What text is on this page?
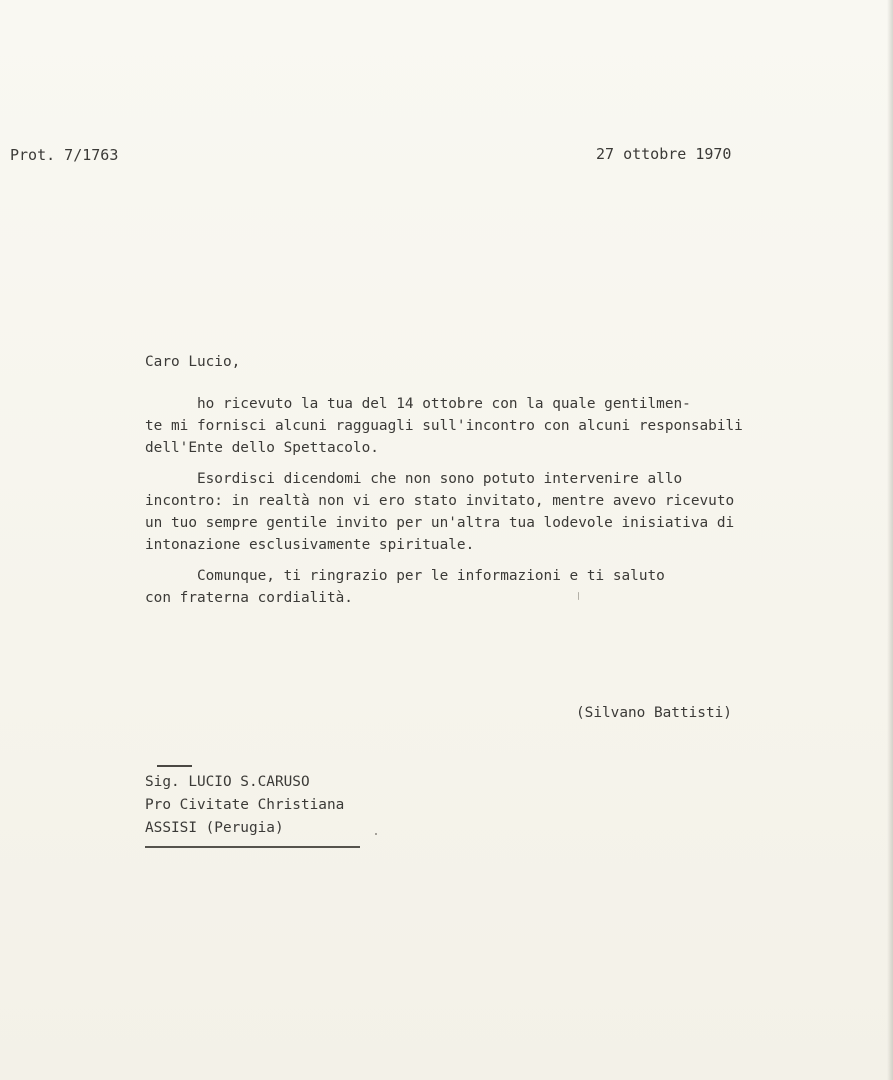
Prot. 7/1763	27 ottobre 1970
Caro Lucio,
ho ricevuto la tua del 14 ottobre con la quale gentilmen-
te mi fornisci alcuni ragguagli sull'incontro con alcuni responsabili
dell'Ente dello Spettacolo.
Esordisci dicendomi che non sono potuto intervenire allo
incontro: in realtà non vi ero stato invitato, mentre avevo ricevuto
un tuo sempre gentile invito per un'altra tua lodevole inisiativa di
intonazione esclusivamente spirituale.
Comunque, ti ringrazio per le informazioni e ti saluto
con fraterna cordialità.
(Silvano Battisti)
Sig. LUCIO S.CARUSO
Pro Civitate Christiana
ASSISI (Perugia)
